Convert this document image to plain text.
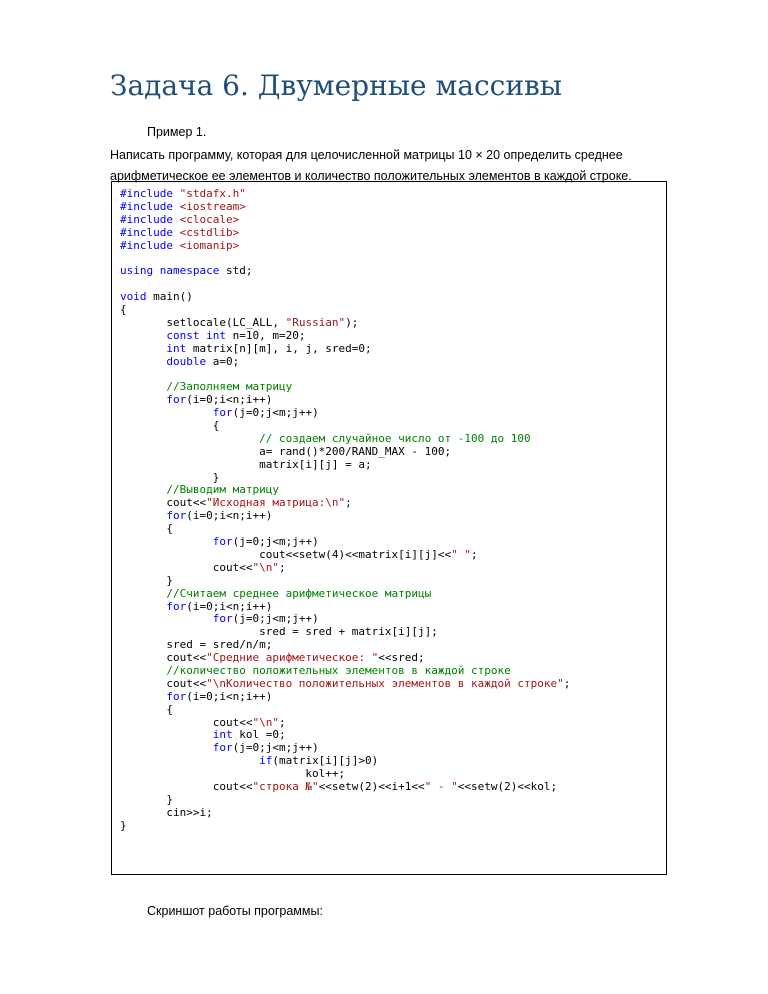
Задача 6. Двумерные массивы
Пример 1.
Написать программу, которая для целочисленной матрицы 10 × 20 определить среднее
арифметическое ее элементов и количество положительных элементов в каждой строке.
#include "stdafx.h"
#include <iostream>
#include <clocale>
#include <cstdlib>
#include <iomanip>
using namespace std;
void main()
{
setlocale(LC_ALL, "Russian");
const int n=10, m=20;
int matrix[n][m], i, j, sred=0;
double a=0;
//Заполняем матрицу
for(i=0;i<n;i++)
for(j=0;j<m;j++)
{
// создаем случайное число от -100 до 100
a= rand()*200/RAND_MAX - 100;
matrix[i][j] = a;
}
//Выводим матрицу
cout<<"Исходная матрица:\n";
for(i=0;i<n;i++)
{
for(j=0;j<m;j++)
cout<<setw(4)<<matrix[i][j]<<" ";
cout<<"\n";
}
//Считаем среднее арифметическое матрицы
for(i=0;i<n;i++)
for(j=0;j<m;j++)
sred = sred + matrix[i][j];
sred = sred/n/m;
cout<<"Средние арифметическое: "<<sred;
//количество положительных элементов в каждой строке
cout<<"\nКоличество положительных элементов в каждой строке";
for(i=0;i<n;i++)
{
cout<<"\n";
int kol =0;
for(j=0;j<m;j++)
if(matrix[i][j]>0)
kol++;
cout<<"строка №"<<setw(2)<<i+1<<" - "<<setw(2)<<kol;
}
cin>>i;
}
Скриншот работы программы:
